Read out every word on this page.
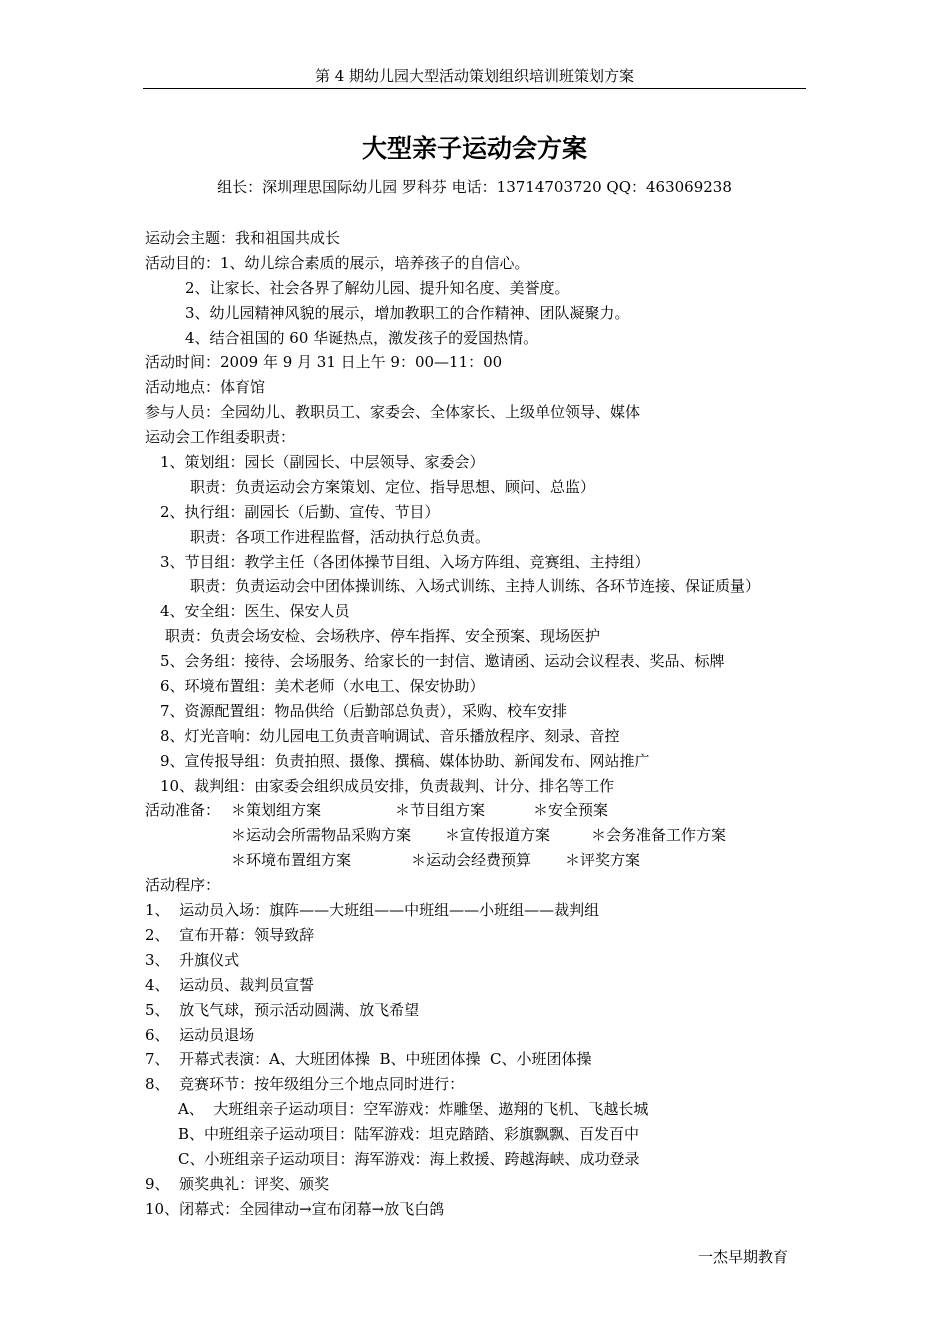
第 4 期幼儿园大型活动策划组织培训班策划方案
大型亲子运动会方案
组长：深圳理思国际幼儿园 罗科芬 电话：13714703720 QQ：463069238
运动会主题：我和祖国共成长
活动目的：1、幼儿综合素质的展示，培养孩子的自信心。
2、让家长、社会各界了解幼儿园、提升知名度、美誉度。
3、幼儿园精神风貌的展示，增加教职工的合作精神、团队凝聚力。
4、结合祖国的 60 华诞热点，激发孩子的爱国热情。
活动时间：2009 年 9 月 31 日上午 9：00—11：00
活动地点：体育馆
参与人员：全园幼儿、教职员工、家委会、全体家长、上级单位领导、媒体
运动会工作组委职责：
1、策划组：园长（副园长、中层领导、家委会）
职责：负责运动会方案策划、定位、指导思想、顾问、总监）
2、执行组：副园长（后勤、宣传、节目）
职责：各项工作进程监督，活动执行总负责。
3、节目组：教学主任（各团体操节目组、入场方阵组、竞赛组、主持组）
职责：负责运动会中团体操训练、入场式训练、主持人训练、各环节连接、保证质量）
4、安全组：医生、保安人员
职责：负责会场安检、会场秩序、停车指挥、安全预案、现场医护
5、会务组：接待、会场服务、给家长的一封信、邀请函、运动会议程表、奖品、标牌
6、环境布置组：美术老师（水电工、保安协助）
7、资源配置组：物品供给（后勤部总负责），采购、校车安排
8、灯光音响：幼儿园电工负责音响调试、音乐播放程序、刻录、音控
9、宣传报导组：负责拍照、摄像、撰稿、媒体协助、新闻发布、网站推广
10、裁判组：由家委会组织成员安排，负责裁判、计分、排名等工作
活动准备： ＊策划组方案	＊节目组方案	＊安全预案
＊运动会所需物品采购方案	＊宣传报道方案	＊会务准备工作方案
＊环境布置组方案	＊运动会经费预算	＊评奖方案
活动程序：
1、  运动员入场：旗阵——大班组——中班组——小班组——裁判组
2、  宣布开幕：领导致辞
3、  升旗仪式
4、  运动员、裁判员宣誓
5、  放飞气球，预示活动圆满、放飞希望
6、  运动员退场
7、  开幕式表演：A、大班团体操  B、中班团体操  C、小班团体操
8、  竞赛环节：按年级组分三个地点同时进行：
A、  大班组亲子运动项目：空军游戏：炸雕堡、遨翔的飞机、飞越长城
B、中班组亲子运动项目：陆军游戏：坦克踏踏、彩旗飘飘、百发百中
C、小班组亲子运动项目：海军游戏：海上救援、跨越海峡、成功登录
9、  颁奖典礼：评奖、颁奖
10、闭幕式：全园律动→宣布闭幕→放飞白鸽
一杰早期教育
